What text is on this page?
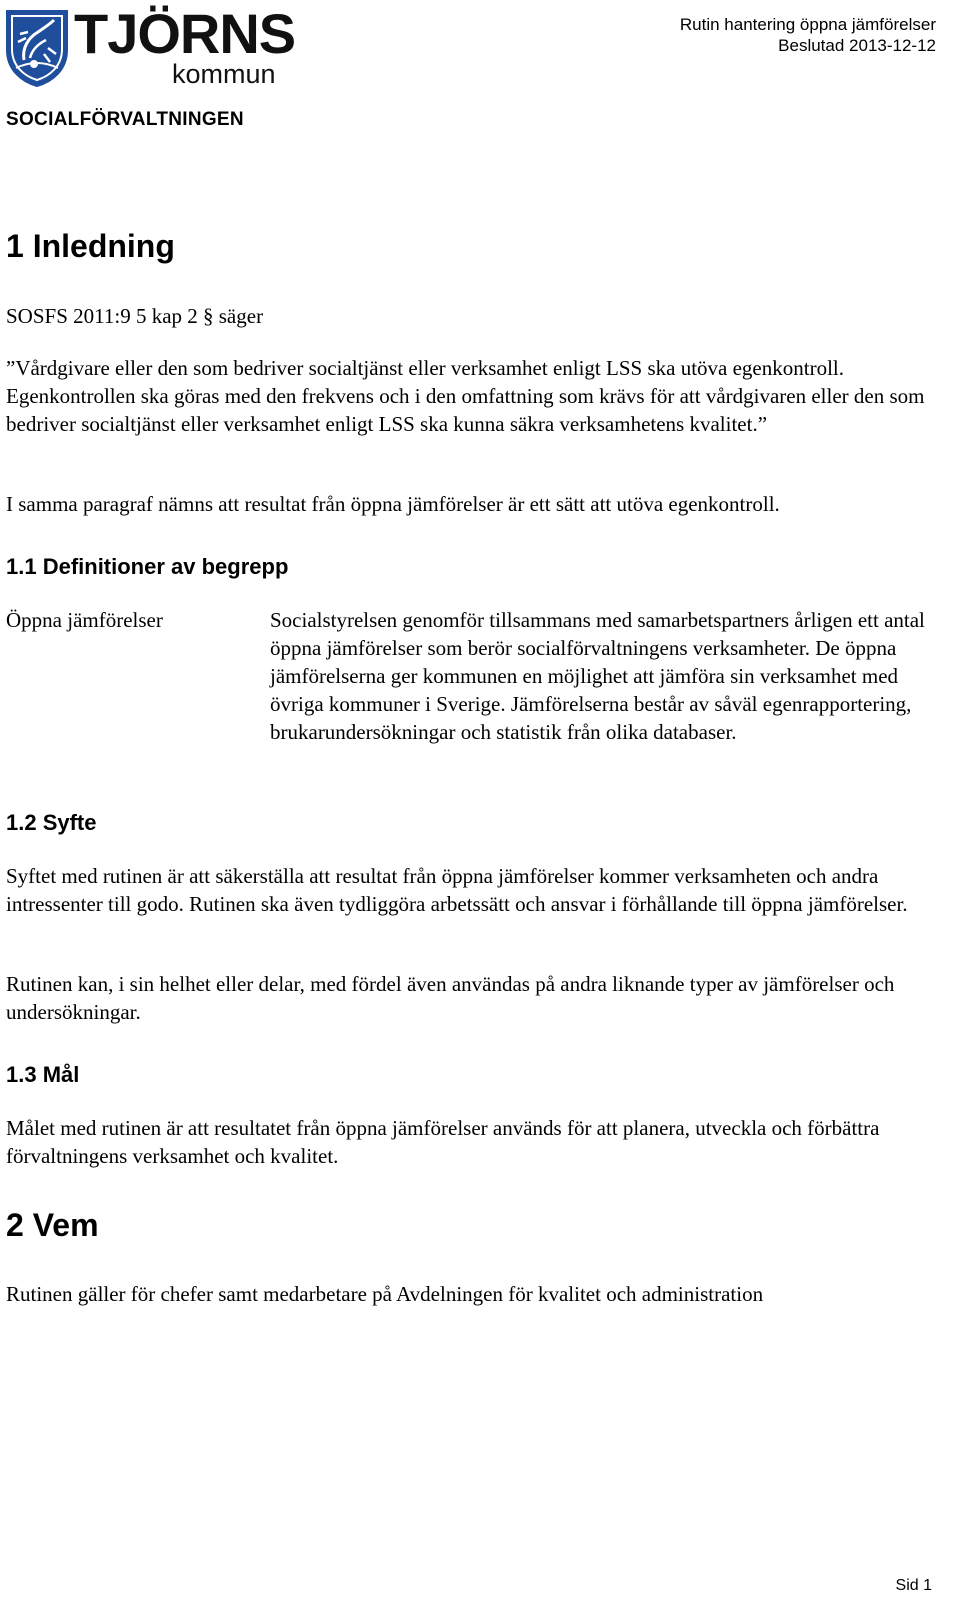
TJÖRNS
kommun
SOCIALFÖRVALTNINGEN
Rutin hantering öppna jämförelser
Beslutad 2013-12-12
1 Inledning
SOSFS 2011:9 5 kap 2 § säger
”Vårdgivare eller den som bedriver socialtjänst eller verksamhet enligt LSS ska utöva egenkontroll. Egenkontrollen ska göras med den frekvens och i den omfattning som krävs för att vårdgivaren eller den som bedriver socialtjänst eller verksamhet enligt LSS ska kunna säkra verksamhetens kvalitet.”
I samma paragraf nämns att resultat från öppna jämförelser är ett sätt att utöva egenkontroll.
1.1 Definitioner av begrepp
Öppna jämförelser	Socialstyrelsen genomför tillsammans med samarbetspartners årligen ett antal öppna jämförelser som berör socialförvaltningens verksamheter. De öppna jämförelserna ger kommunen en möjlighet att jämföra sin verksamhet med övriga kommuner i Sverige. Jämförelserna består av såväl egenrapportering, brukarundersökningar och statistik från olika databaser.
1.2 Syfte
Syftet med rutinen är att säkerställa att resultat från öppna jämförelser kommer verksamheten och andra intressenter till godo. Rutinen ska även tydliggöra arbetssätt och ansvar i förhållande till öppna jämförelser.
Rutinen kan, i sin helhet eller delar, med fördel även användas på andra liknande typer av jämförelser och undersökningar.
1.3 Mål
Målet med rutinen är att resultatet från öppna jämförelser används för att planera, utveckla och förbättra förvaltningens verksamhet och kvalitet.
2 Vem
Rutinen gäller för chefer samt medarbetare på Avdelningen för kvalitet och administration
Sid 1
